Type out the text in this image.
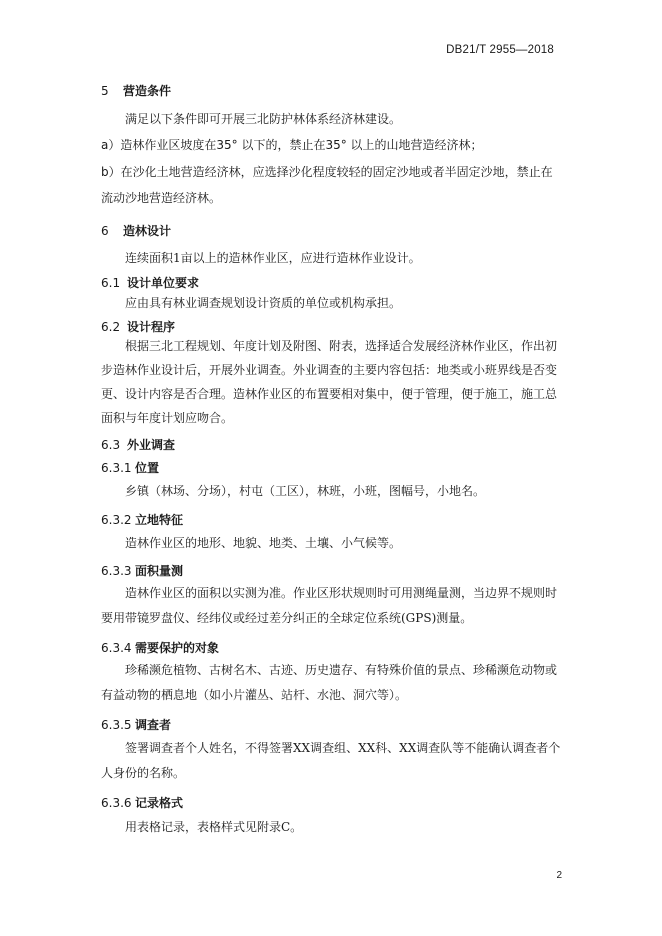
DB21/T 2955—2018
5 营造条件
满足以下条件即可开展三北防护林体系经济林建设。
a）造林作业区坡度在35° 以下的，禁止在35° 以上的山地营造经济林；
b）在沙化土地营造经济林，应选择沙化程度较轻的固定沙地或者半固定沙地，禁止在流动沙地营造经济林。
6 造林设计
连续面积1亩以上的造林作业区，应进行造林作业设计。
6.1 设计单位要求
应由具有林业调查规划设计资质的单位或机构承担。
6.2 设计程序
根据三北工程规划、年度计划及附图、附表，选择适合发展经济林作业区，作出初步造林作业设计后，开展外业调查。外业调查的主要内容包括：地类或小班界线是否变更、设计内容是否合理。造林作业区的布置要相对集中，便于管理，便于施工，施工总面积与年度计划应吻合。
6.3 外业调查
6.3.1 位置
乡镇（林场、分场），村屯（工区），林班，小班，图幅号，小地名。
6.3.2 立地特征
造林作业区的地形、地貌、地类、土壤、小气候等。
6.3.3 面积量测
造林作业区的面积以实测为准。作业区形状规则时可用测绳量测，当边界不规则时要用带镜罗盘仪、经纬仪或经过差分纠正的全球定位系统(GPS)测量。
6.3.4 需要保护的对象
珍稀濒危植物、古树名木、古迹、历史遗存、有特殊价值的景点、珍稀濒危动物或有益动物的栖息地（如小片灌丛、站杆、水池、洞穴等）。
6.3.5 调查者
签署调查者个人姓名，不得签署XX调查组、XX科、XX调查队等不能确认调查者个人身份的名称。
6.3.6 记录格式
用表格记录，表格样式见附录C。
2
